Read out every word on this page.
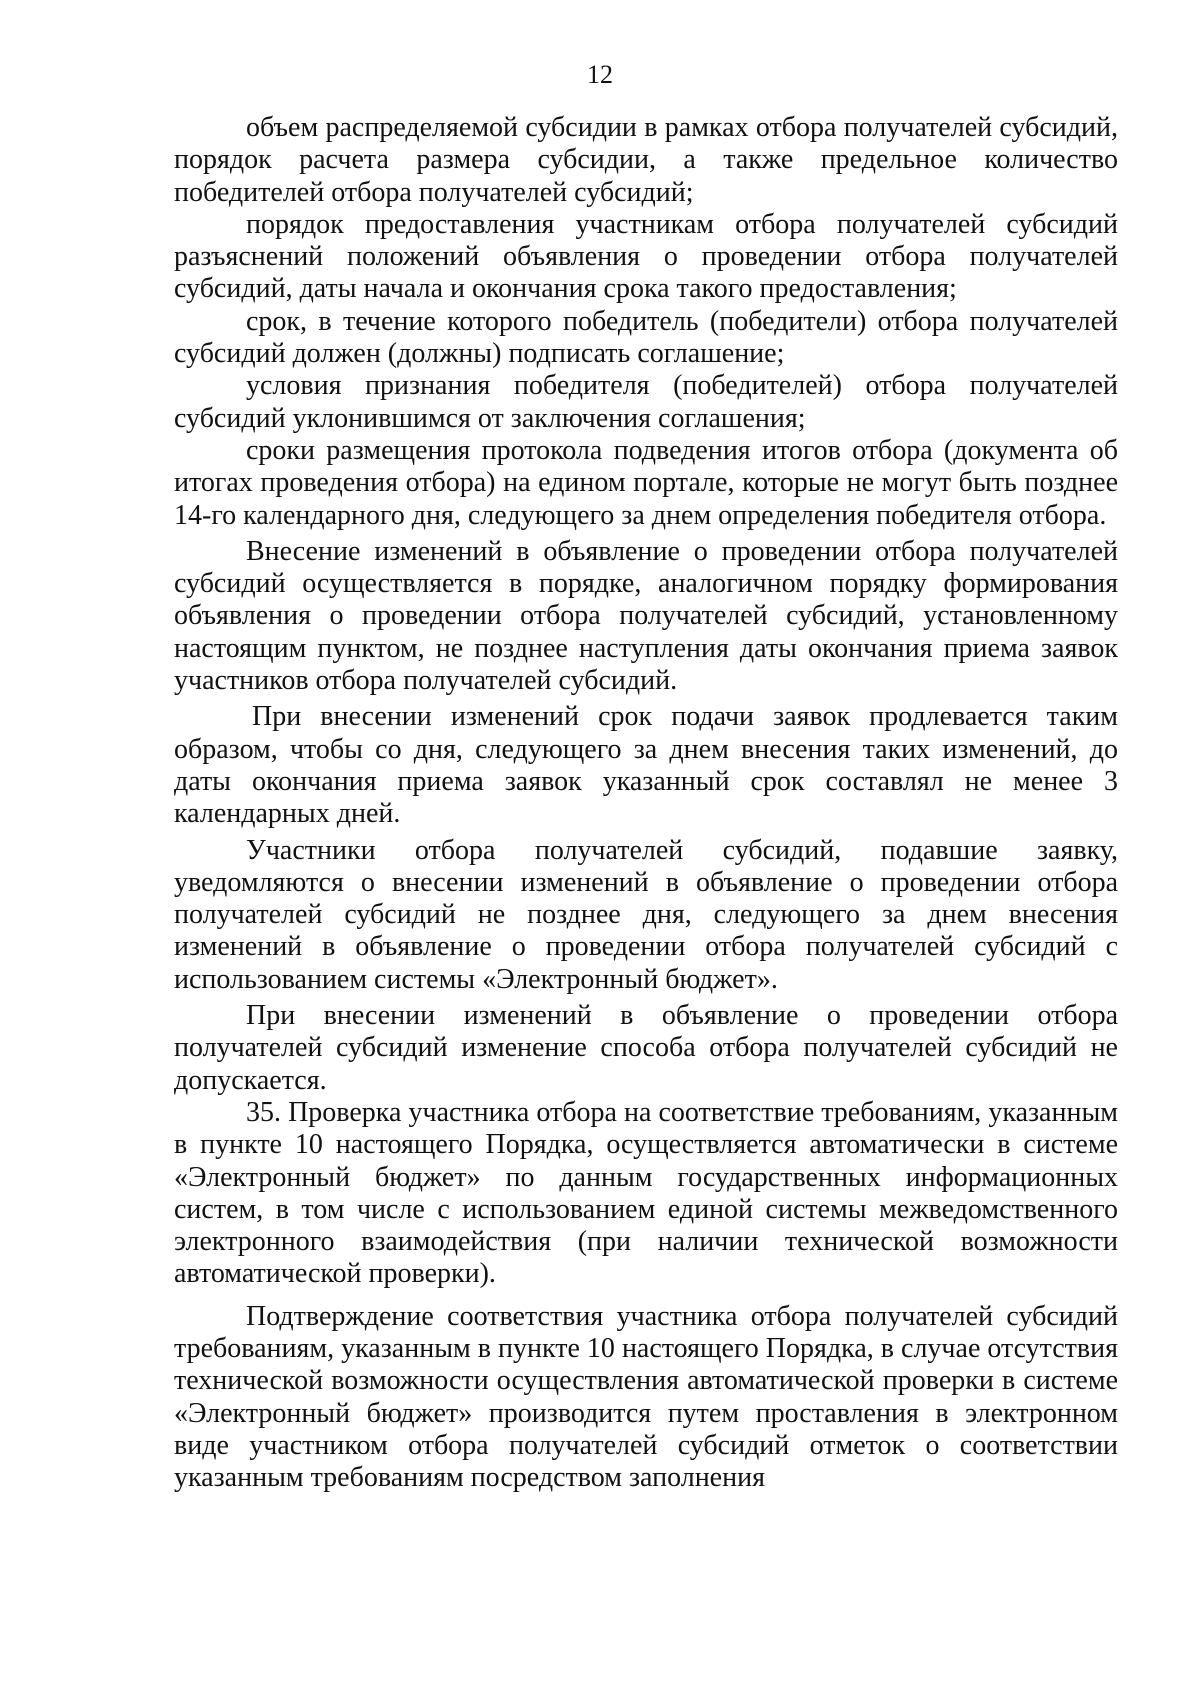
12

объем распределяемой субсидии в рамках отбора получателей субсидий, порядок расчета размера субсидии, а также предельное количество победителей отбора получателей субсидий;

порядок предоставления участникам отбора получателей субсидий разъяснений положений объявления о проведении отбора получателей субсидий, даты начала и окончания срока такого предоставления;

срок, в течение которого победитель (победители) отбора получателей субсидий должен (должны) подписать соглашение;

условия признания победителя (победителей) отбора получателей субсидий уклонившимся от заключения соглашения;

сроки размещения протокола подведения итогов отбора (документа об итогах проведения отбора) на едином портале, которые не могут быть позднее 14-го календарного дня, следующего за днем определения победителя отбора.

Внесение изменений в объявление о проведении отбора получателей субсидий осуществляется в порядке, аналогичном порядку формирования объявления о проведении отбора получателей субсидий, установленному настоящим пунктом, не позднее наступления даты окончания приема заявок участников отбора получателей субсидий.

При внесении изменений срок подачи заявок продлевается таким образом, чтобы со дня, следующего за днем внесения таких изменений, до даты окончания приема заявок указанный срок составлял не менее 3 календарных дней.

Участники отбора получателей субсидий, подавшие заявку, уведомляются о внесении изменений в объявление о проведении отбора получателей субсидий не позднее дня, следующего за днем внесения изменений в объявление о проведении отбора получателей субсидий с использованием системы «Электронный бюджет».

При внесении изменений в объявление о проведении отбора получателей субсидий изменение способа отбора получателей субсидий не допускается.

35. Проверка участника отбора на соответствие требованиям, указанным в пункте 10 настоящего Порядка, осуществляется автоматически в системе «Электронный бюджет» по данным государственных информационных систем, в том числе с использованием единой системы межведомственного электронного взаимодействия (при наличии технической возможности автоматической проверки).

Подтверждение соответствия участника отбора получателей субсидий требованиям, указанным в пункте 10 настоящего Порядка, в случае отсутствия технической возможности осуществления автоматической проверки в системе «Электронный бюджет» производится путем проставления в электронном виде участником отбора получателей субсидий отметок о соответствии указанным требованиям посредством заполнения
